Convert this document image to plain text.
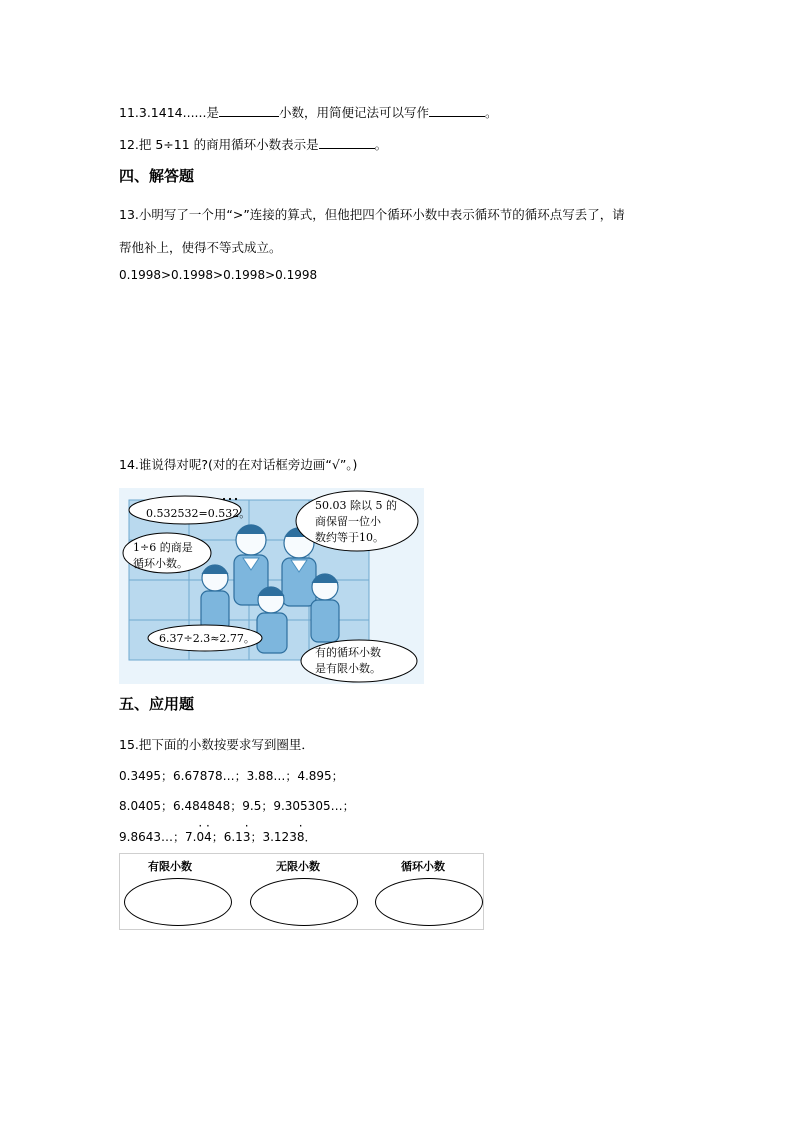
11.3.1414......是	小数，用简便记法可以写作	。
12.把 5÷11 的商用循环小数表示是	。
四、解答题
13.小明写了一个用“>”连接的算式，但他把四个循环小数中表示循环节的循环点写丢了，请
帮他补上，使得不等式成立。
0.1998>0.1998>0.1998>0.1998
14.谁说得对呢?(对的在对话框旁边画“√”。)
0.532532=0.532。
50.03 除以 5 的
商保留一位小
数约等于10。
1÷6 的商是
循环小数。
6.37÷2.3≈2.77。
有的循环小数
是有限小数。
五、应用题
15.把下面的小数按要求写到圈里．
0.3495；6.67878…；3.88…；4.895；
8.0405；6.484848；9.5；9.305305…；
9.8643…；7.· 0· 4；6.1· 3；3.123· 8．
有限小数	无限小数	循环小数
